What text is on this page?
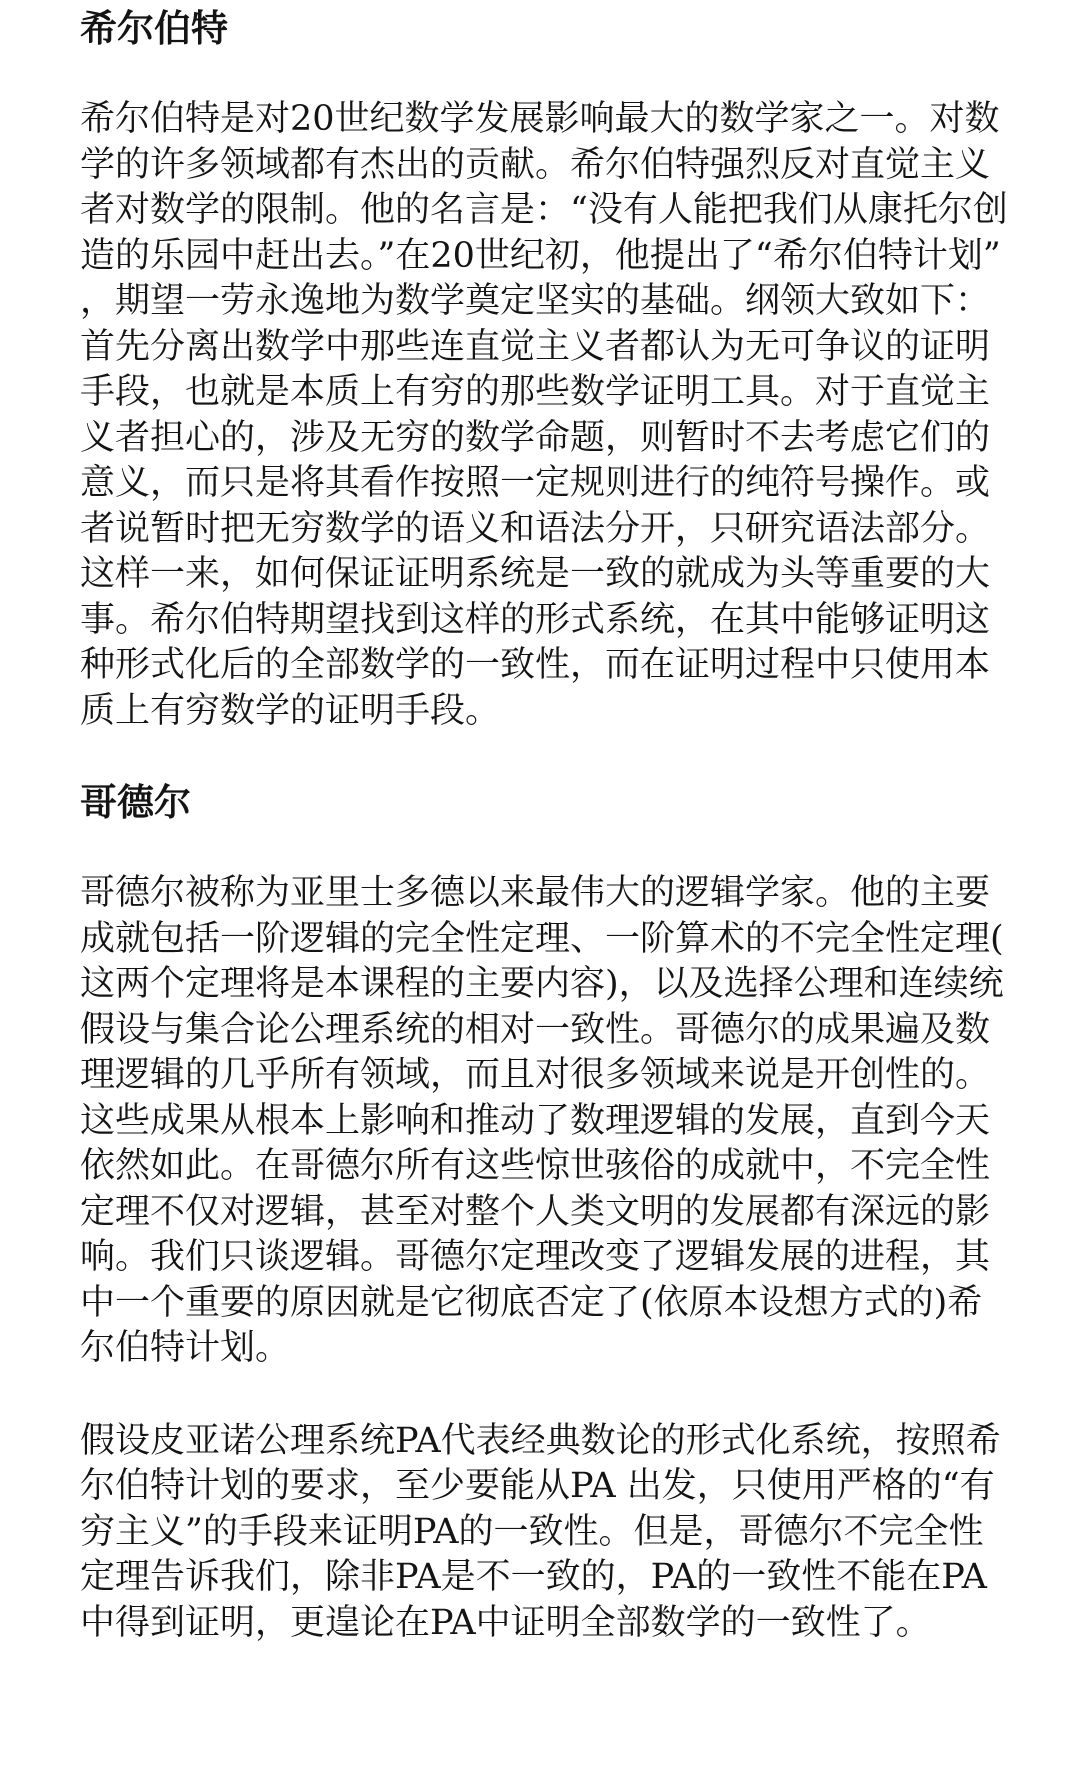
希尔伯特

希尔伯特是对20世纪数学发展影响最大的数学家之一。对数学的许多领域都有杰出的贡献。希尔伯特强烈反对直觉主义者对数学的限制。他的名言是：“没有人能把我们从康托尔创造的乐园中赶出去。”在20世纪初，他提出了“希尔伯特计划”，期望一劳永逸地为数学奠定坚实的基础。纲领大致如下：首先分离出数学中那些连直觉主义者都认为无可争议的证明手段，也就是本质上有穷的那些数学证明工具。对于直觉主义者担心的，涉及无穷的数学命题，则暂时不去考虑它们的意义，而只是将其看作按照一定规则进行的纯符号操作。或者说暂时把无穷数学的语义和语法分开，只研究语法部分。这样一来，如何保证证明系统是一致的就成为头等重要的大事。希尔伯特期望找到这样的形式系统，在其中能够证明这种形式化后的全部数学的一致性，而在证明过程中只使用本质上有穷数学的证明手段。

哥德尔

哥德尔被称为亚里士多德以来最伟大的逻辑学家。他的主要成就包括一阶逻辑的完全性定理、一阶算术的不完全性定理(这两个定理将是本课程的主要内容)，以及选择公理和连续统假设与集合论公理系统的相对一致性。哥德尔的成果遍及数理逻辑的几乎所有领域，而且对很多领域来说是开创性的。这些成果从根本上影响和推动了数理逻辑的发展，直到今天依然如此。在哥德尔所有这些惊世骇俗的成就中，不完全性定理不仅对逻辑，甚至对整个人类文明的发展都有深远的影响。我们只谈逻辑。哥德尔定理改变了逻辑发展的进程，其中一个重要的原因就是它彻底否定了(依原本设想方式的)希尔伯特计划。

假设皮亚诺公理系统PA代表经典数论的形式化系统，按照希尔伯特计划的要求，至少要能从PA 出发，只使用严格的“有穷主义”的手段来证明PA的一致性。但是，哥德尔不完全性定理告诉我们，除非PA是不一致的，PA的一致性不能在PA中得到证明，更遑论在PA中证明全部数学的一致性了。
